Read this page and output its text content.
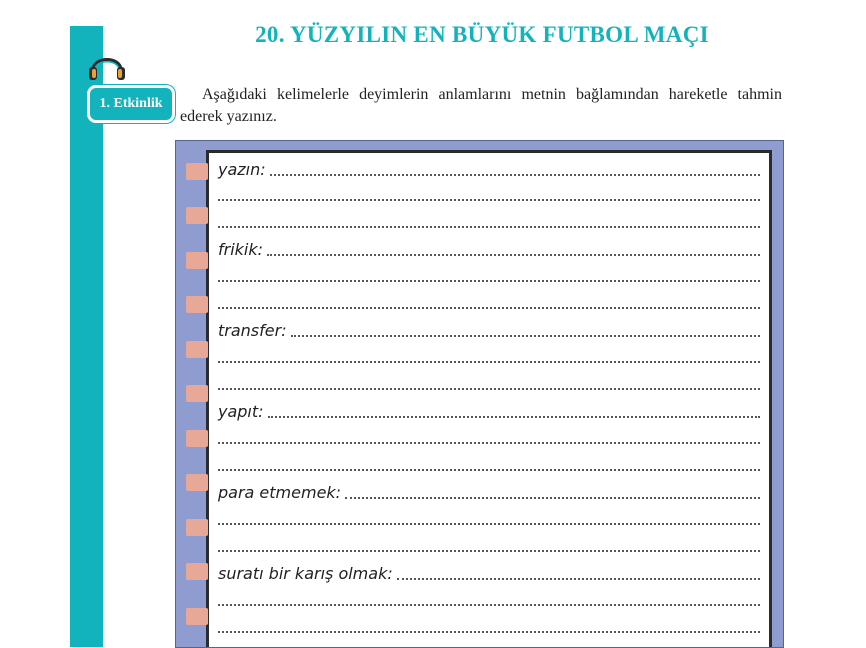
1. Etkinlik
20. YÜZYILIN EN BÜYÜK FUTBOL MAÇI
Aşağıdaki kelimelerle deyimlerin anlamlarını metnin bağlamından hareketle tahmin ederek yazınız.
yazın:
frikik:
transfer:
yapıt:
para etmemek:
suratı bir karış olmak:
